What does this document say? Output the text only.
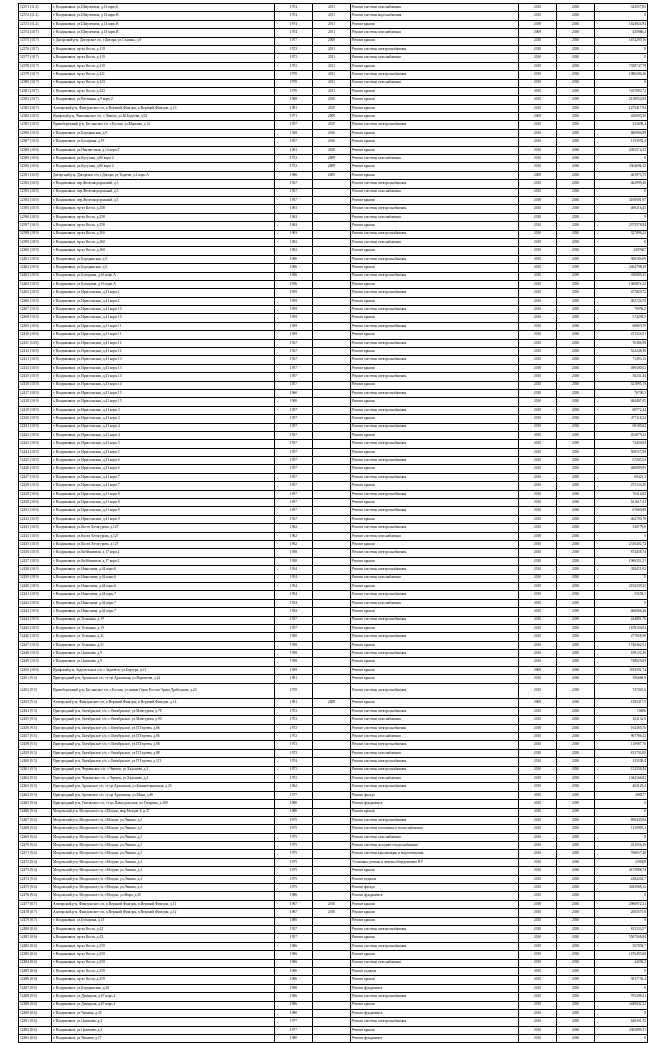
12371 (11.2)	г. Владикавказ, ул.Шмулевича, д.14 корп.Б	1974	2011	Ремонт системы газоснабжения	2010	2030	323057,85
12372 (11.2)	г. Владикавказ, ул.Шмулевича, д.14 корп.В	1974	2011	Ремонт системы водоснабжения	2010	2030	0
12373 (11.2)	г. Владикавказ, ул.Шмулевича, д.14 корп.В	1974	2011	Ремонт крыши	2010	2030	1623824,92
12374 (10.7)	г. Владикавказ, ул.Шмулевича, д.14 корп.В	1974	2011	Ремонт системы газоснабжения	2009	2030	435886,4
12375 (10.7)	г. Дигорский р-н, Дигорское г/п, г.Дигора, ул.Сталина, д.9	1977	2009	Ремонт крыши	2010	2030	1674295,16
12376 (10.7)	г. Владикавказ, пр-кт Коста, д.219	1972	2011	Ремонт системы электроснабжения	2010	2030	0
12377 (10.7)	г. Владикавказ, пр-кт Коста, д.219	1972	2011	Ремонт системы газоснабжения	2010	2030	0
12378 (10.7)	г. Владикавказ, пр-кт Коста, д.219	1972	2011	Ремонт крыши	2010	2030	7358747,78
12379 (10.7)	г. Владикавказ, пр-кт Коста, д.221	1970	2011	Ремонт системы электроснабжения	2010	2030	1086300,46
12380 (10.7)	г. Владикавказ, пр-кт Коста, д.223	1970	2011	Ремонт системы газоснабжения	2010	2030	0
12381 (10.7)	г. Владикавказ, пр-кт Коста, д.223	1970	2011	Ремонт крыши	2010	2030	7437092,72
12382 (10.7)	г. Владикавказ, ул.Весенняя, д.9 корп.2	1969	2010	Ремонт крыши	2010	2030	2138952,84
12383 (10.7)	Алагирский р-н, Фиагдонское с/п, п.Верхний Фиагдон, п.Верхний Фиагдон, д.13	1981	2010	Ремонт крыши	2010	2030	1275417,84
12384 (10.9)	Ирафский р-н, Чиколинское с/п, с.Чикола, ул.М.Бадоева, д.92	1971	2009	Ремонт крыши	2009	2030	436093,50
12385 (10.9)	Правобережный р-н, Бесланское г/п, г.Беслан, ул.Маркова, д.14	1957	2010	Ремонт системы электроснабжения	2010	2030	331698,4
12386 (10.9)	г. Владикавказ, ул.Бородинская, д.9	1928	2010	Ремонт крыши	2010	2030	685906,98
12387 (10.9)	г. Владикавказ, ул.Бутырина, д.19	1957	2010	Ремонт крыши	2010	2030	1153592,4
12388 (10.9)	г. Владикавказ, ул.Неизвестная, д.14 корп.Г	1961	2010	Ремонт крыши	2010	2030	2492574,32
12389 (10.9)	г. Владикавказ, ул.Кутузова, д.80 корп.2	1972	2009	Ремонт системы газоснабжения	2010	2030	0
12390 (10.9)	г. Владикавказ, ул.Кутузова, д.80 корп.2	1972	2009	Ремонт крыши	2010	2030	3304696,12
12391 (10.9)	Дигорский р-н, Дигорское г/п, г.Дигора, ул.Тедеева, д.2 корп.А	1966	2005	Ремонт крыши	2009	2030	461973,75
12392 (10.9)	г. Владикавказ, пер.Железнодорожный, д.5	1957		Ремонт системы электроснабжения	2010	2030	462999,46
12393 (10.9)	г. Владикавказ, пер.Железнодорожный, д.5	1957		Ремонт системы газоснабжения	2010	2030	0
12394 (10.9)	г. Владикавказ, пер.Железнодорожный, д.5	1957		Ремонт крыши	2010	2030	3169581,97
12395 (10.9)	г. Владикавказ, пр-кт Коста, д.258	1963		Ремонт системы электроснабжения	2010	2030	469216,45
12396 (10.9)	г. Владикавказ, пр-кт Коста, д.258	1963		Ремонт системы газоснабжения	2010	2030	0
12397 (10.9)	г. Владикавказ, пр-кт Коста, д.258	1963		Ремонт крыши	2010	2030	2375578,84
12398 (10.9)	г. Владикавказ, пр-кт Коста, д.260	1963		Ремонт системы электроснабжения	2010	2030	327096,23
12399 (10.9)	г. Владикавказ, пр-кт Коста, д.260	1963		Ремонт системы газоснабжения	2010	2030	0
12400 (10.9)	г. Владикавказ, пр-кт Коста, д.260	1963		Ремонт крыши	2010	2030	2307607
12401 (10.9)	г. Владикавказ, ул.Бородинская, д.5	1966		Ремонт системы электроснабжения	2010	2030	306184,69
12402 (10.9)	г. Владикавказ, ул.Бородинская, д.5	1966		Ремонт крыши	2010	2030	2464798,39
12403 (10.9)	г. Владикавказ, ул.Бутырина, д.16 корп.А	1956		Ремонт системы электроснабжения	2010	2030	330685,52
12404 (10.9)	г. Владикавказ, ул.Бутырина, д.16 корп.А	1956		Ремонт крыши	2010	2030	1369874,32
12405 (10.9)	г. Владикавказ, ул.Иристонская, д.41 корп.1	1959		Ремонт системы электроснабжения	2010	2030	477820,72
12406 (10.9)	г. Владикавказ, ул.Иристонская, д.41 корп.1	1959		Ремонт крыши	2010	2030	463724,52
12407 (10.9)	г. Владикавказ, ул.Иристонская, д.41 корп.10	1959		Ремонт системы электроснабжения	2010	2030	78956,2
12408 (10.9)	г. Владикавказ, ул.Иристонская, д.41 корп.10	1959		Ремонт крыши	2010	2030	574295,5
12409 (10.9)	г. Владикавказ, ул.Иристонская, д.41 корп.11	1959		Ремонт системы электроснабжения	2010	2030	60803,70
12410 (10.9)	г. Владикавказ, ул.Иристонская, д.41 корп.11	1959		Ремонт крыши	2010	2030	471524,51
12411 (10.9)	г. Владикавказ, ул.Иристонская, д.41 корп.12	1957		Ремонт системы электроснабжения	2010	2030	76386,98
12412 (10.9)	г. Владикавказ, ул.Иристонская, д.41 корп.12	1957		Ремонт крыши	2010	2030	524248,58
12413 (10.9)	г. Владикавказ, ул.Иристонская, д.41 корп.13	1957		Ремонт системы электроснабжения	2010	2030	71493,12
12414 (10.9)	г. Владикавказ, ул.Иристонская, д.41 корп.13	1957		Ремонт крыши	2010	2030	499300,02
12415 (10.9)	г. Владикавказ, ул.Иристонская, д.41 корп.14	1957		Ремонт системы электроснабжения	2010	2030	56231,44
12416 (10.9)	г. Владикавказ, ул.Иристонская, д.41 корп.14	1957		Ремонт крыши	2010	2030	521895,19
12417 (10.9)	г. Владикавказ, ул.Иристонская, д.41 корп.15	1960		Ремонт системы электроснабжения	2010	2030	76700,3
12418 (10.9)	г. Владикавказ, ул.Иристонская, д.41 корп.15	1960		Ремонт крыши	2010	2030	484467,05
12419 (10.9)	г. Владикавказ, ул.Иристонская, д.41 корп.3	1957		Ремонт системы электроснабжения	2010	2030	69772,44
12420 (10.9)	г. Владикавказ, ул.Иристонская, д.41 корп.3	1957		Ремонт крыши	2010	2030	477118,24
12421 (10.9)	г. Владикавказ, ул.Иристонская, д.41 корп.4	1957		Ремонт системы электроснабжения	2010	2030	69185,62
12422 (10.9)	г. Владикавказ, ул.Иристонская, д.41 корп.4	1957		Ремонт крыши	2010	2030	452079,22
12423 (10.9)	г. Владикавказ, ул.Иристонская, д.41 корп.5	1957		Ремонт системы электроснабжения	2010	2030	74450,64
12424 (10.9)	г. Владикавказ, ул.Иристонская, д.41 корп.5	1957		Ремонт крыши	2010	2030	509557,99
12425 (10.9)	г. Владикавказ, ул.Иристонская, д.41 корп.6	1957		Ремонт системы электроснабжения	2010	2030	67203,53
12426 (10.9)	г. Владикавказ, ул.Иристонская, д.41 корп.6	1957		Ремонт крыши	2010	2030	460089,85
12427 (10.9)	г. Владикавказ, ул.Иристонская, д.41 корп.7	1957		Ремонт системы электроснабжения	2010	2030	69421,3
12428 (10.9)	г. Владикавказ, ул.Иристонская, д.41 корп.7	1957		Ремонт крыши	2010	2030	475124,26
12429 (10.9)	г. Владикавказ, ул.Иристонская, д.41 корп.8	1957		Ремонт системы электроснабжения	2010	2030	76214,82
12430 (10.9)	г. Владикавказ, ул.Иристонская, д.41 корп.8	1957		Ремонт крыши	2010	2030	521617,41
12431 (10.9)	г. Владикавказ, ул.Иристонская, д.41 корп.9	1957		Ремонт системы электроснабжения	2010	2030	67600,88
12432 (10.9)	г. Владикавказ, ул.Иристонская, д.41 корп.9	1957		Ремонт крыши	2010	2030	462700,78
12433 (10.9)	г. Владикавказ, ул.Коста Хетагурова, д.127	1962		Ремонт системы электроснабжения	2010	2030	338779,6
12434 (10.9)	г. Владикавказ, ул.Коста Хетагурова, д.127	1962		Ремонт системы газоснабжения	2010	2030	0
12435 (10.9)	г. Владикавказ, ул.Коста Хетагурова, д.127	1962		Ремонт крыши	2010	2030	2316402,72
12436 (10.9)	г. Владикавказ, ул.Кобйашвили, д.17 корп.2	1958		Ремонт системы электроснабжения	2010	2030	874458,74
12437 (10.9)	г. Владикавказ, ул.Кобйашвили, д.17 корп.2	1958		Ремонт крыши	2010	2030	1966351,51
12438 (10.9)	г. Владикавказ, ул.Николаева, д.44 корп.6	1954		Ремонт системы электроснабжения	2010	2030	392411,02
12439 (10.9)	г. Владикавказ, ул.Николаева, д.44 корп.6	1954		Ремонт системы газоснабжения	2010	2030	0
12440 (10.9)	г. Владикавказ, ул.Николаева, д.44 корп.6	1954		Ремонт крыши	2010	2030	2192339,35
12441 (10.9)	г. Владикавказ, ул.Николаева, д.44 корп.7	1954		Ремонт системы электроснабжения	2010	2030	53558,3
12442 (10.9)	г. Владикавказ, ул.Николаева, д.44 корп.7	1954		Ремонт системы газоснабжения	2010	2030	0
12443 (10.9)	г. Владикавказ, ул.Николаева, д.44 корп.7	1954		Ремонт крыши	2010	2030	466966,26
12444 (10.9)	г. Владикавказ, ул.Тельмана, д.19	1957		Ремонт системы электроснабжения	2010	2030	244891,76
12445 (10.9)	г. Владикавказ, ул.Тельмана, д.19	1957		Ремонт крыши	2010	2030	1678150,02
12446 (10.9)	г. Владикавказ, ул.Тельмана, д.21	1958		Ремонт системы электроснабжения	2010	2030	277858,58
12447 (10.9)	г. Владикавказ, ул.Тельмана, д.21	1958		Ремонт крыши	2010	2030	1746362,54
12448 (10.9)	г. Владикавказ, ул.Цаликова, д.9	1958		Ремонт системы электроснабжения	2010	2030	109122,26
12449 (10.9)	г. Владикавказ, ул.Цаликова, д.9	1958		Ремонт крыши	2010	2030	748029,69
12450 (10.9)	Ирафский р-н, Задалескское с/п, с.Задалеск, ул.Бортура, д.21	1959		Ремонт крыши	2009	2030	1184391,74
12451 (9.5)	Пригородный р-н, Архонское с/п, ст-ца Архонская, ул.Ворошова, д.24	1981		Ремонт крыши	2010	2030	396668,8
12452 (9.5)	Правобережный р-н, Бесланское г/п, г.Беслан, ул.имени Героя России Эрика Дребедхова, д.23	1970		Ремонт системы электроснабжения	2010	2030	747045,6
12453 (9.5)	Алагирский р-н, Фиагдонское с/п, п.Верхний Фиагдон, п.Верхний Фиагдон, д.14	1981	2008	Ремонт крыши	2009	2030	1395417,5
12454 (9.5)	Пригородный р-н, Октябрьское с/п, с.Октябрьское, ул.Мамсурова, д.78	1972		Ремонт системы электроснабжения	2010	2030	19406
12455 (9.5)	Пригородный р-н, Октябрьское с/п, с.Октябрьское, ул.Мамсурова, д.90	1972		Ремонт системы газоснабжения	2010	2030	261132,6
12456 (9.5)	Пригородный р-н, Октябрьское с/п, с.Октябрьское, ул.П.Тедеева, д.86	1972		Ремонт системы электроснабжения	2010	2030	164365,76
12457 (9.5)	Пригородный р-н, Октябрьское с/п, с.Октябрьское, ул.П.Тедеева, д.86	1972		Ремонт системы газоснабжения	2010	2030	967786,32
12458 (9.5)	Пригородный р-н, Октябрьское с/п, с.Октябрьское, ул.П.Тедеева, д.88	1973		Ремонт системы электроснабжения	2010	2030	118987,76
12459 (9.5)	Пригородный р-н, Октябрьское с/п, с.Октябрьское, ул.П.Тедеева, д.88	1973		Ремонт системы газоснабжения	2010	2030	813703,08
12460 (9.5)	Пригородный р-н, Октябрьское с/п, с.Октябрьское, ул.П.Тедеева, д.111	1974		Ремонт системы электроснабжения	2010	2030	153538,4
12461 (9.5)	Пригородный р-н, Черменское с/п, с.Чермен, ул.Хадонова, д.2	1972		Ремонт системы электроснабжения	2010	2030	152556,44
12462 (9.5)	Пригородный р-н, Черменское с/п, с.Чермен, ул.Хадонова, д.2	1972		Ремонт системы газоснабжения	2010	2030	1044166,82
12463 (9.5)	Пригородный р-н, Архонское с/п, ст-ца Архонская, ул.Коминтерновская, д.23	1962		Ремонт системы электроснабжения	2010	2030	463125,4
12464 (9.5)	Пригородный р-н, Архонское с/п, ст-ца Архонская, ул.Мира, д.46	1977		Ремонт фасада	2010	2030	288477
12465 (9.4)	Пригородный р-н, Гизельское с/п, ст-ца Павлодольская, пл.Гагарина, д.200	1980		Ремонт фундамента	2010	2030	0
12466 (9.4)	Моздокский р-н, Моздокское г/п, г.Моздок, мкр.Моздок-1, д.37	1980		Ремонт крыши	2010	2030	0
12467 (9.4)	Моздокский р-н, Моздокское г/п, г.Моздок, ул.Ленина, д.2	1975		Ремонт системы электроснабжения	2010	2030	690430,82
12468 (9.4)	Моздокский р-н, Моздокское г/п, г.Моздок, ул.Ленина, д.2	1975		Ремонт системы отопления и теплоснабжения	2010	2030	1150993,1
12469 (9.4)	Моздокский р-н, Моздокское г/п, г.Моздок, ул.Ленина, д.2	1975		Ремонт системы газоснабжения	2010	2030	0
12470 (9.4)	Моздокский р-н, Моздокское г/п, г.Моздок, ул.Ленина, д.2	1975		Ремонт системы холодного водоснабжения	2010	2030	431056,16
12471 (9.4)	Моздокский р-н, Моздокское г/п, г.Моздок, ул.Ленина, д.2	1975		Ремонт системы канализации и водоотведения	2010	2030	766057,28
12472 (9.4)	Моздокский р-н, Моздокское г/п, г.Моздок, ул.Ленина, д.2	1975		Установка, ремонт и замена общедомовых ПУ	2010	2030	239368
12473 (9.4)	Моздокский р-н, Моздокское г/п, г.Моздок, ул.Ленина, д.2	1975		Ремонт крыши	2010	2030	4175988,74
12474 (9.4)	Моздокский р-н, Моздокское г/п, г.Моздок, ул.Ленина, д.2	1975		Ремонт подвала	2010	2030	2282202,7
12475 (9.4)	Моздокский р-н, Моздокское г/п, г.Моздок, ул.Ленина, д.2	1975		Ремонт фасада	2010	2030	4025968,12
12476 (9.4)	Моздокский р-н, Моздокское г/п, г.Моздок, ул.Мира, д.20	1980		Ремонт фундамента	2010	2030	0
12477 (8.7)	Алагирский р-н, Фиагдонское с/п, п.Верхний Фиагдон, п.Верхний Фиагдон, д.11	1967	2010	Ремонт крыши	2010	2030	2986972,21
12478 (8.7)	Алагирский р-н, Фиагдонское с/п, п.Верхний Фиагдон, п.Верхний Фиагдон, д.12	1967	2010	Ремонт крыши	2010	2030	2003575,8
12479 (8.7)	г. Владикавказ, ул.Бутырина, д.13	1980		Ремонт крыши	2010	2030	0
12480 (8.6)	г. Владикавказ, пр-кт Коста, д.42	1957		Ремонт системы электроснабжения	2010	2030	815233,57
12481 (8.6)	г. Владикавказ, пр-кт Коста, д.42	1957		Ремонт крыши	2010	2030	5507566,84
12482 (8.6)	г. Владикавказ, пр-кт Коста, д.259	1966		Ремонт системы электроснабжения	2010	2030	507839,7
12483 (8.6)	г. Владикавказ, пр-кт Коста, д.259	1966		Ремонт крыши	2010	2030	1676495,08
12484 (8.6)	г. Владикавказ, пр-кт Коста, д.259	1966		Ремонт системы газоснабжения	2010	2030	24336,2
12485 (8.6)	г. Владикавказ, пр-кт Коста, д.259	1966		Ремонт подвала	2010	2030	0
12486 (8.6)	г. Владикавказ, пр-кт Коста, д.259	1966		Ремонт крыши	2010	2030	3817756,4
12487 (8.6)	г. Владикавказ, ул.Бородинская, д.20	1969		Ремонт фундамента	2010	2030	0
12488 (8.6)	г. Владикавказ, ул.Демидова, д.67 корп.2	1966		Ремонт системы электроснабжения	2010	2030	795288,41
12489 (8.6)	г. Владикавказ, ул.Демидова, д.67 корп.2	1966		Ремонт крыши	2010	2030	3449042,22
12490 (8.6)	г. Владикавказ, ул.Чапаева, д.43	1980		Ремонт фундамента	2010	2030	0
12491 (8.6)	г. Владикавказ, ул.Цаликова, д.2	1977		Ремонт системы электроснабжения	2010	2030	640391,52
12492 (8.6)	г. Владикавказ, ул.Цаликова, д.2	1977		Ремонт крыши	2010	2030	4383899,31
12493 (8.6)	г. Владикавказ, ул.Чапаева, д.17	1980		Ремонт фундамента	2010	2030	0
